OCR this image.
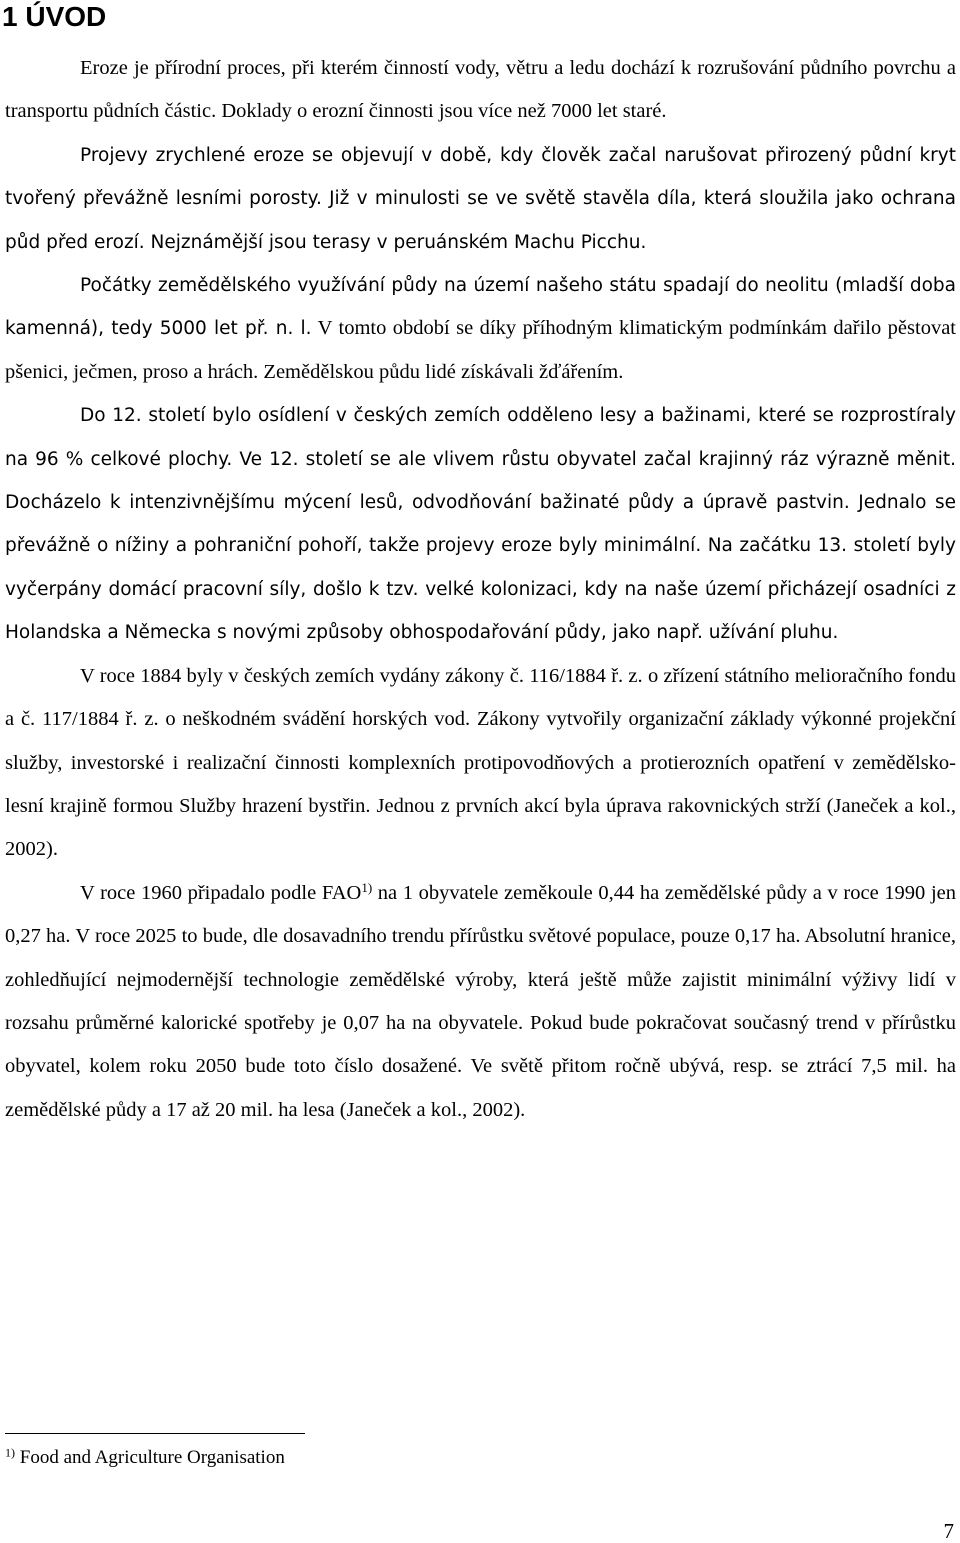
1 ÚVOD

Eroze je přírodní proces, při kterém činností vody, větru a ledu dochází k rozrušování půdního povrchu a transportu půdních částic. Doklady o erozní činnosti jsou více než 7000 let staré.

Projevy zrychlené eroze se objevují v době, kdy člověk začal narušovat přirozený půdní kryt tvořený převážně lesními porosty. Již v minulosti se ve světě stavěla díla, která sloužila jako ochrana půd před erozí. Nejznámější jsou terasy v peruánském Machu Picchu.

Počátky zemědělského využívání půdy na území našeho státu spadají do neolitu (mladší doba kamenná), tedy 5000 let př. n. l. V tomto období se díky příhodným klimatickým podmínkám dařilo pěstovat pšenici, ječmen, proso a hrách. Zemědělskou půdu lidé získávali žďářením.

Do 12. století bylo osídlení v českých zemích odděleno lesy a bažinami, které se rozprostíraly na 96 % celkové plochy. Ve 12. století se ale vlivem růstu obyvatel začal krajinný ráz výrazně měnit. Docházelo k intenzivnějšímu mýcení lesů, odvodňování bažinaté půdy a úpravě pastvin. Jednalo se převážně o nížiny a pohraniční pohoří, takže projevy eroze byly minimální. Na začátku 13. století byly vyčerpány domácí pracovní síly, došlo k tzv. velké kolonizaci, kdy na naše území přicházejí osadníci z Holandska a Německa s novými způsoby obhospodařování půdy, jako např. užívání pluhu.

V roce 1884 byly v českých zemích vydány zákony č. 116/1884 ř. z. o zřízení státního melioračního fondu a č. 117/1884 ř. z. o neškodném svádění horských vod. Zákony vytvořily organizační základy výkonné projekční služby, investorské i realizační činnosti komplexních protipovodňových a protierozních opatření v zemědělsko-lesní krajině formou Služby hrazení bystřin. Jednou z prvních akcí byla úprava rakovnických strží (Janeček a kol., 2002).

V roce 1960 připadalo podle FAO$^{1)}$ na 1 obyvatele zeměkoule 0,44 ha zemědělské půdy a v roce 1990 jen 0,27 ha. V roce 2025 to bude, dle dosavadního trendu přírůstku světové populace, pouze 0,17 ha. Absolutní hranice, zohledňující nejmodernější technologie zemědělské výroby, která ještě může zajistit minimální výživy lidí v rozsahu průměrné kalorické spotřeby je 0,07 ha na obyvatele. Pokud bude pokračovat současný trend v přírůstku obyvatel, kolem roku 2050 bude toto číslo dosažené. Ve světě přitom ročně ubývá, resp. se ztrácí 7,5 mil. ha zemědělské půdy a 17 až 20 mil. ha lesa (Janeček a kol., 2002).

$^{1)}$ Food and Agriculture Organisation

7
